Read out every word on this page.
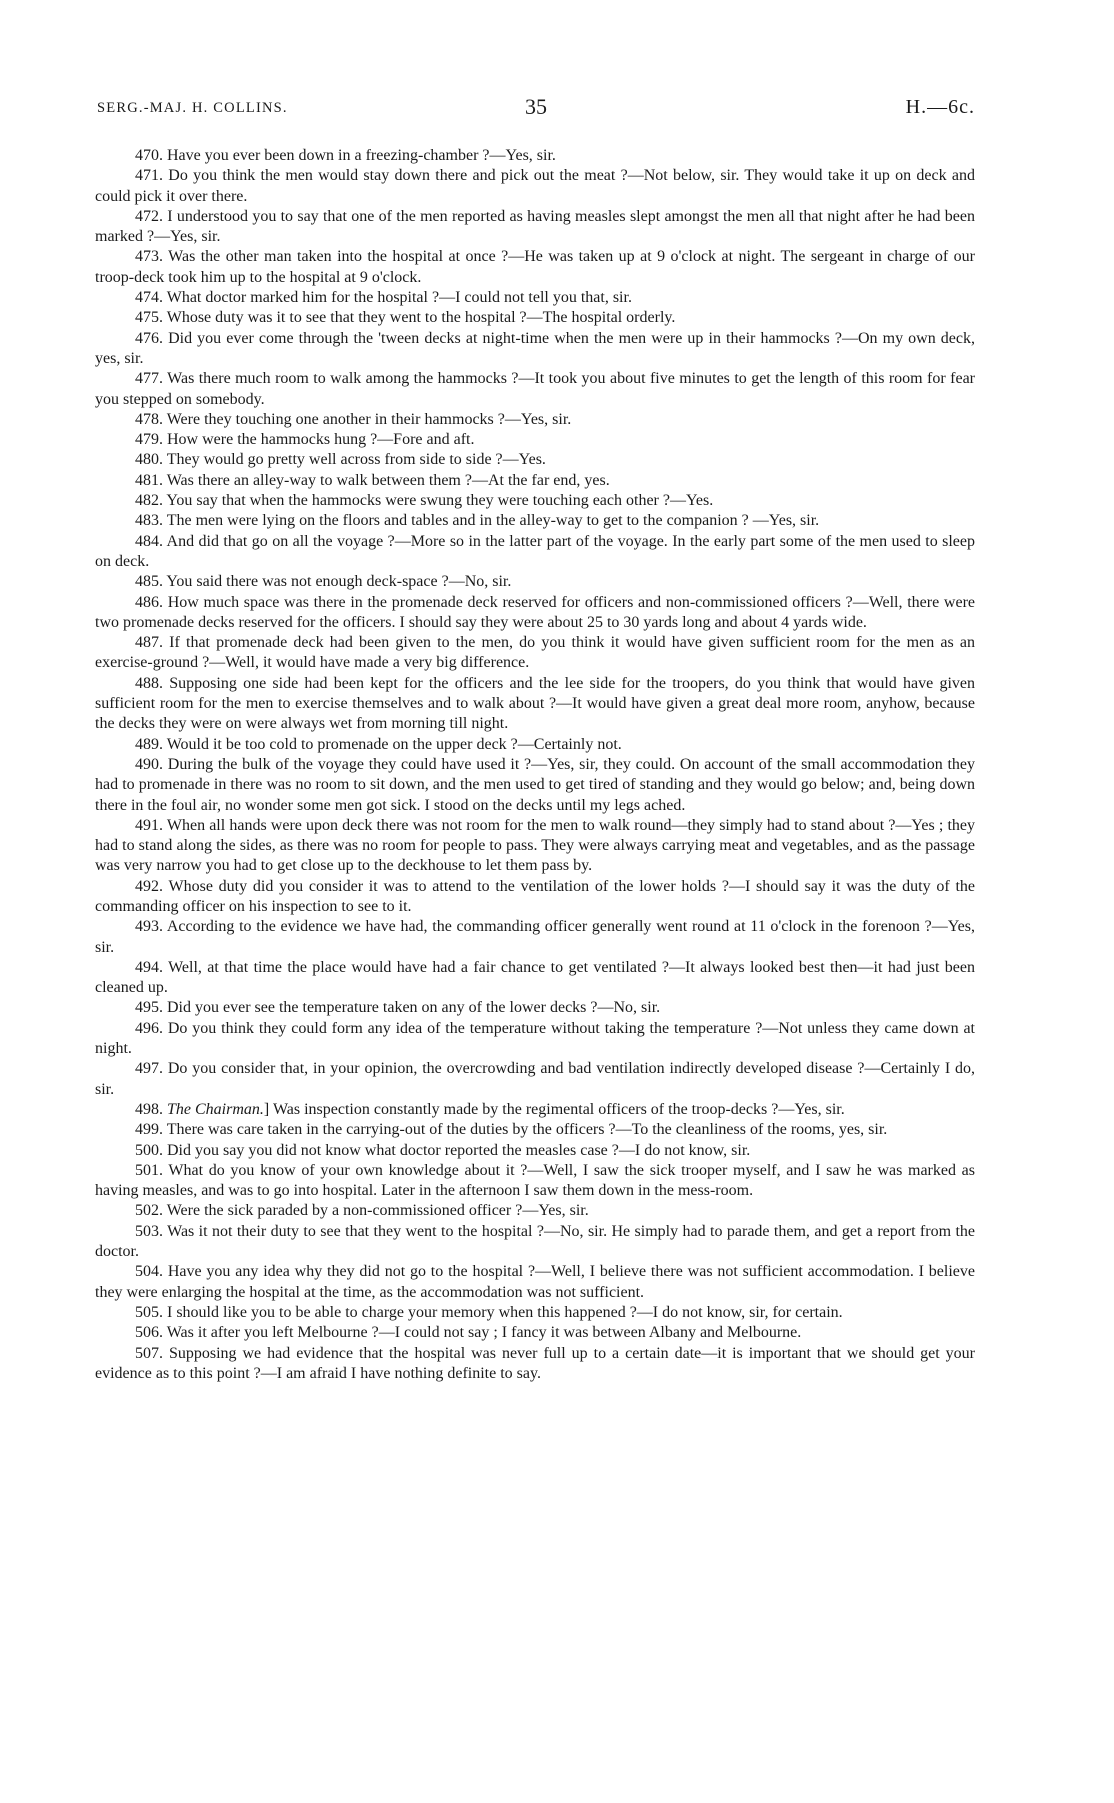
SERG.-MAJ. H. COLLINS.	35	H.—6c.

470. Have you ever been down in a freezing-chamber ?—Yes, sir.

471. Do you think the men would stay down there and pick out the meat ?—Not below, sir. They would take it up on deck and could pick it over there.

472. I understood you to say that one of the men reported as having measles slept amongst the men all that night after he had been marked ?—Yes, sir.

473. Was the other man taken into the hospital at once ?—He was taken up at 9 o'clock at night. The sergeant in charge of our troop-deck took him up to the hospital at 9 o'clock.

474. What doctor marked him for the hospital ?—I could not tell you that, sir.

475. Whose duty was it to see that they went to the hospital ?—The hospital orderly.

476. Did you ever come through the 'tween decks at night-time when the men were up in their hammocks ?—On my own deck, yes, sir.

477. Was there much room to walk among the hammocks ?—It took you about five minutes to get the length of this room for fear you stepped on somebody.

478. Were they touching one another in their hammocks ?—Yes, sir.

479. How were the hammocks hung ?—Fore and aft.

480. They would go pretty well across from side to side ?—Yes.

481. Was there an alley-way to walk between them ?—At the far end, yes.

482. You say that when the hammocks were swung they were touching each other ?—Yes.

483. The men were lying on the floors and tables and in the alley-way to get to the companion ? —Yes, sir.

484. And did that go on all the voyage ?—More so in the latter part of the voyage. In the early part some of the men used to sleep on deck.

485. You said there was not enough deck-space ?—No, sir.

486. How much space was there in the promenade deck reserved for officers and non-commissioned officers ?—Well, there were two promenade decks reserved for the officers. I should say they were about 25 to 30 yards long and about 4 yards wide.

487. If that promenade deck had been given to the men, do you think it would have given sufficient room for the men as an exercise-ground ?—Well, it would have made a very big difference.

488. Supposing one side had been kept for the officers and the lee side for the troopers, do you think that would have given sufficient room for the men to exercise themselves and to walk about ?—It would have given a great deal more room, anyhow, because the decks they were on were always wet from morning till night.

489. Would it be too cold to promenade on the upper deck ?—Certainly not.

490. During the bulk of the voyage they could have used it ?—Yes, sir, they could. On account of the small accommodation they had to promenade in there was no room to sit down, and the men used to get tired of standing and they would go below; and, being down there in the foul air, no wonder some men got sick. I stood on the decks until my legs ached.

491. When all hands were upon deck there was not room for the men to walk round—they simply had to stand about ?—Yes ; they had to stand along the sides, as there was no room for people to pass. They were always carrying meat and vegetables, and as the passage was very narrow you had to get close up to the deckhouse to let them pass by.

492. Whose duty did you consider it was to attend to the ventilation of the lower holds ?—I should say it was the duty of the commanding officer on his inspection to see to it.

493. According to the evidence we have had, the commanding officer generally went round at 11 o'clock in the forenoon ?—Yes, sir.

494. Well, at that time the place would have had a fair chance to get ventilated ?—It always looked best then—it had just been cleaned up.

495. Did you ever see the temperature taken on any of the lower decks ?—No, sir.

496. Do you think they could form any idea of the temperature without taking the temperature ?—Not unless they came down at night.

497. Do you consider that, in your opinion, the overcrowding and bad ventilation indirectly developed disease ?—Certainly I do, sir.

498. The Chairman.] Was inspection constantly made by the regimental officers of the troop-decks ?—Yes, sir.

499. There was care taken in the carrying-out of the duties by the officers ?—To the cleanliness of the rooms, yes, sir.

500. Did you say you did not know what doctor reported the measles case ?—I do not know, sir.

501. What do you know of your own knowledge about it ?—Well, I saw the sick trooper myself, and I saw he was marked as having measles, and was to go into hospital. Later in the afternoon I saw them down in the mess-room.

502. Were the sick paraded by a non-commissioned officer ?—Yes, sir.

503. Was it not their duty to see that they went to the hospital ?—No, sir. He simply had to parade them, and get a report from the doctor.

504. Have you any idea why they did not go to the hospital ?—Well, I believe there was not sufficient accommodation. I believe they were enlarging the hospital at the time, as the accommodation was not sufficient.

505. I should like you to be able to charge your memory when this happened ?—I do not know, sir, for certain.

506. Was it after you left Melbourne ?—I could not say ; I fancy it was between Albany and Melbourne.

507. Supposing we had evidence that the hospital was never full up to a certain date—it is important that we should get your evidence as to this point ?—I am afraid I have nothing definite to say.
